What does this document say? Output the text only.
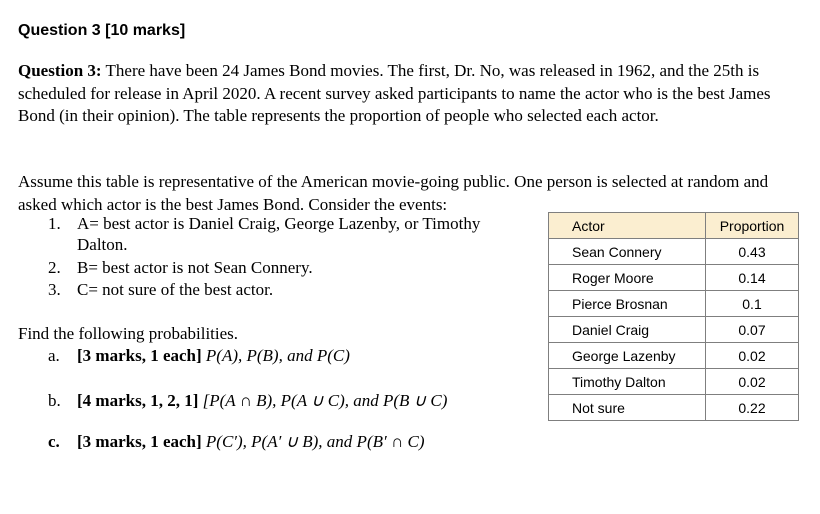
Question 3 [10 marks]
Question 3: There have been 24 James Bond movies. The first, Dr. No, was released in 1962, and the 25th is scheduled for release in April 2020. A recent survey asked participants to name the actor who is the best James Bond (in their opinion). The table represents the proportion of people who selected each actor.
Assume this table is representative of the American movie-going public. One person is selected at random and asked which actor is the best James Bond. Consider the events:
1. A= best actor is Daniel Craig, George Lazenby, or Timothy
Dalton.
2. B= best actor is not Sean Connery.
3. C= not sure of the best actor.
Find the following probabilities.
a. [3 marks, 1 each] P(A), P(B), and P(C)
b. [4 marks, 1, 2, 1] [P(A ∩ B), P(A ∪ C), and P(B ∪ C)
c. [3 marks, 1 each] P(C′), P(A′ ∪ B), and P(B′ ∩ C)
Actor	Proportion
Sean Connery	0.43
Roger Moore	0.14
Pierce Brosnan	0.1
Daniel Craig	0.07
George Lazenby	0.02
Timothy Dalton	0.02
Not sure	0.22
